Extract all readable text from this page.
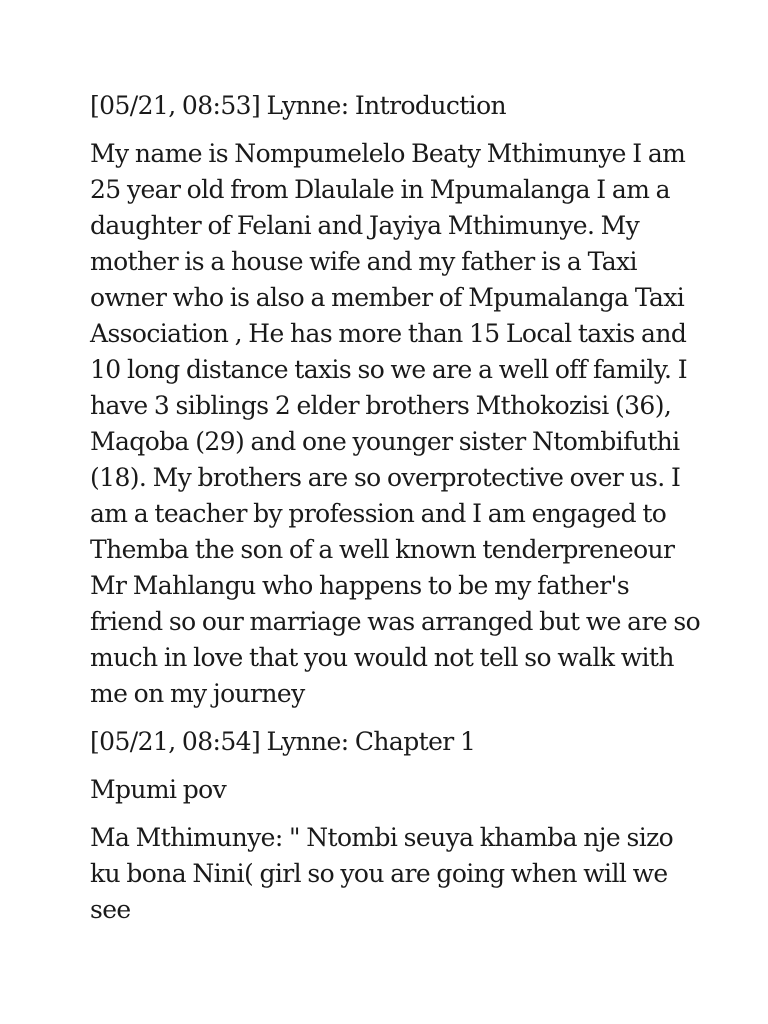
[05/21, 08:53] Lynne: Introduction

My name is Nompumelelo Beaty Mthimunye I am 25 year old from Dlaulale in Mpumalanga I am a daughter of Felani and Jayiya Mthimunye. My mother is a house wife and my father is a Taxi owner who is also a member of Mpumalanga Taxi Association , He has more than 15 Local taxis and 10 long distance taxis so we are a well off family. I have 3 siblings 2 elder brothers Mthokozisi (36), Maqoba (29) and one younger sister Ntombifuthi (18). My brothers are so overprotective over us. I am a teacher by profession and I am engaged to Themba the son of a well known tenderpreneour Mr Mahlangu who happens to be my father's friend so our marriage was arranged but we are so much in love that you would not tell so walk with me on my journey

[05/21, 08:54] Lynne: Chapter 1

Mpumi pov

Ma Mthimunye: " Ntombi seuya khamba nje sizo ku bona Nini( girl so you are going when will we see
